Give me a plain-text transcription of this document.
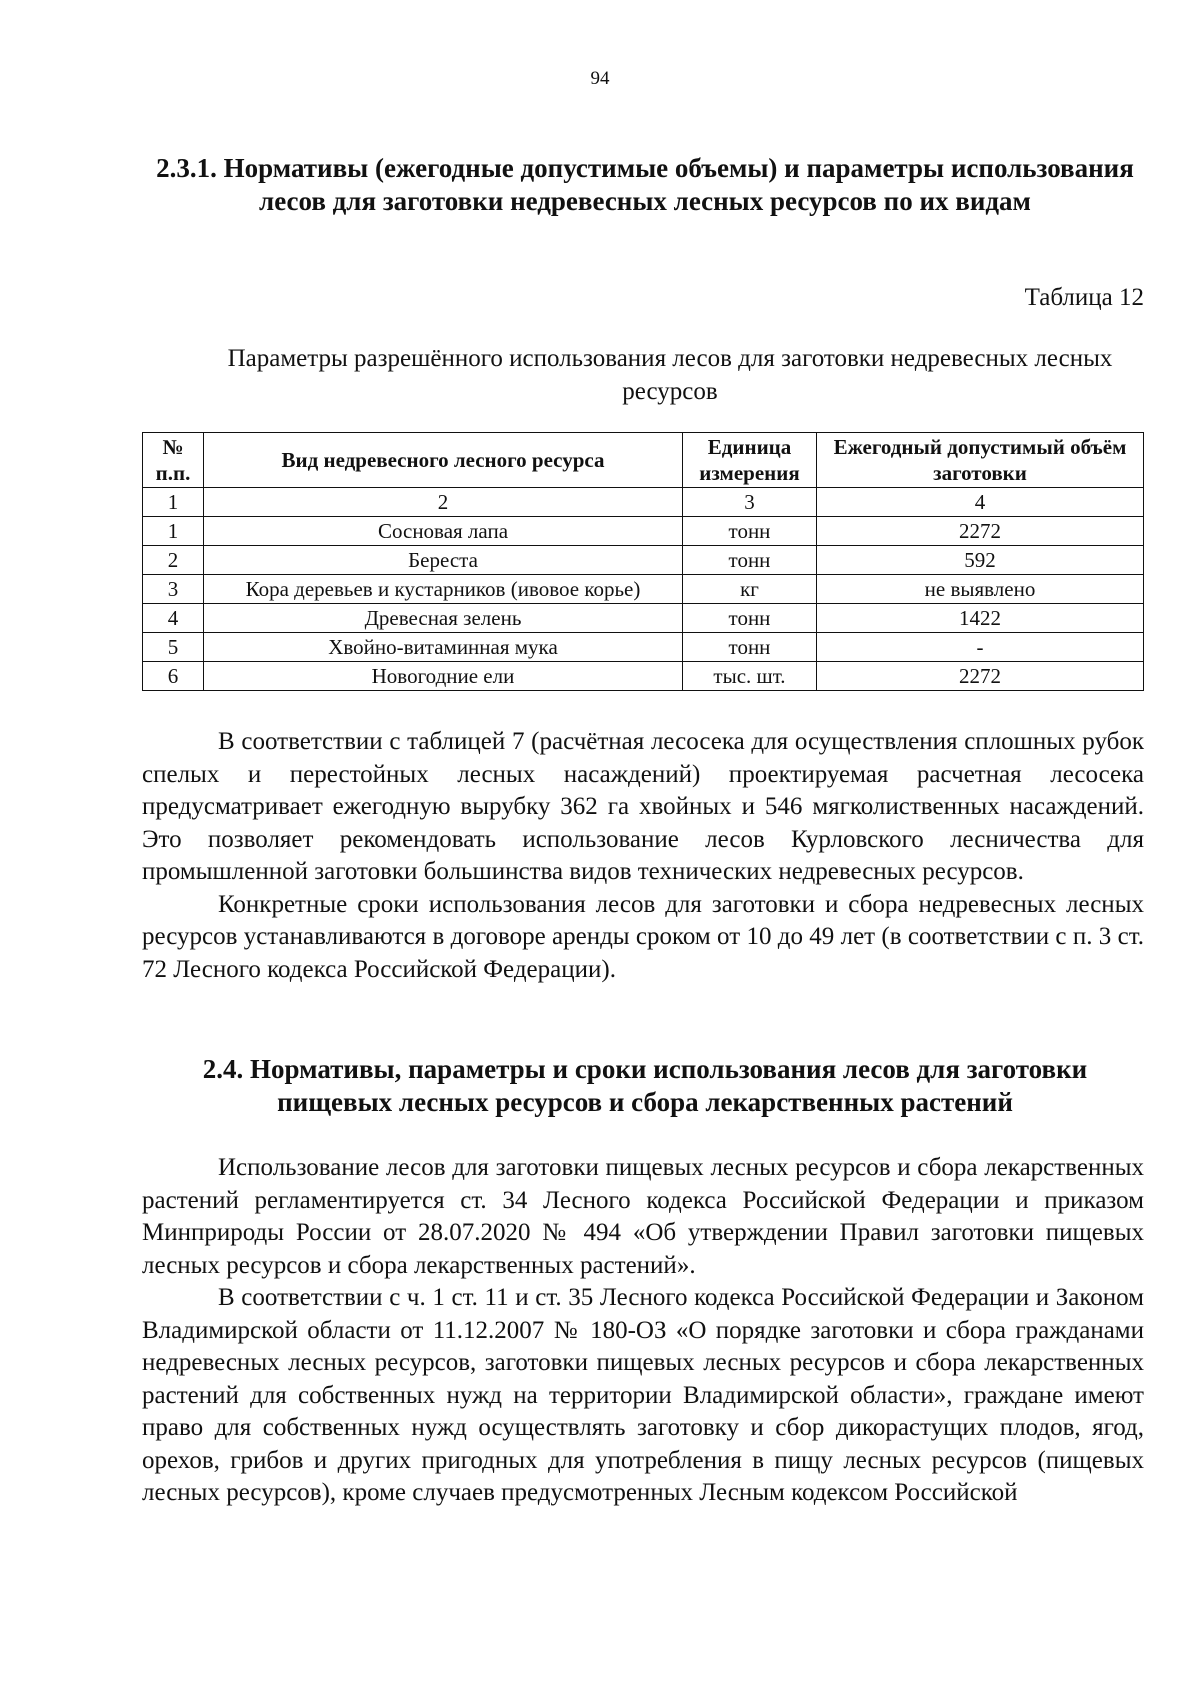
94
2.3.1. Нормативы (ежегодные допустимые объемы) и параметры использования лесов для заготовки недревесных лесных ресурсов по их видам
Таблица 12
Параметры разрешённого использования лесов для заготовки недревесных лесных ресурсов
№ п.п.	Вид недревесного лесного ресурса	Единица измерения	Ежегодный допустимый объём заготовки
1	2	3	4
1	Сосновая лапа	тонн	2272
2	Береста	тонн	592
3	Кора деревьев и кустарников (ивовое корье)	кг	не выявлено
4	Древесная зелень	тонн	1422
5	Хвойно-витаминная мука	тонн	-
6	Новогодние ели	тыс. шт.	2272

В соответствии с таблицей 7 (расчётная лесосека для осуществления сплошных рубок спелых и перестойных лесных насаждений) проектируемая расчетная лесосека предусматривает ежегодную вырубку 362 га хвойных и 546 мягколиственных насаждений. Это позволяет рекомендовать использование лесов Курловского лесничества для промышленной заготовки большинства видов технических недревесных ресурсов.

Конкретные сроки использования лесов для заготовки и сбора недревесных лесных ресурсов устанавливаются в договоре аренды сроком от 10 до 49 лет (в соответствии с п. 3 ст. 72 Лесного кодекса Российской Федерации).

2.4. Нормативы, параметры и сроки использования лесов для заготовки пищевых лесных ресурсов и сбора лекарственных растений

Использование лесов для заготовки пищевых лесных ресурсов и сбора лекарственных растений регламентируется ст. 34 Лесного кодекса Российской Федерации и приказом Минприроды России от 28.07.2020 № 494 «Об утверждении Правил заготовки пищевых лесных ресурсов и сбора лекарственных растений».

В соответствии с ч. 1 ст. 11 и ст. 35 Лесного кодекса Российской Федерации и Законом Владимирской области от 11.12.2007 № 180-ОЗ «О порядке заготовки и сбора гражданами недревесных лесных ресурсов, заготовки пищевых лесных ресурсов и сбора лекарственных растений для собственных нужд на территории Владимирской области», граждане имеют право для собственных нужд осуществлять заготовку и сбор дикорастущих плодов, ягод, орехов, грибов и других пригодных для употребления в пищу лесных ресурсов (пищевых лесных ресурсов), кроме случаев предусмотренных Лесным кодексом Российской
